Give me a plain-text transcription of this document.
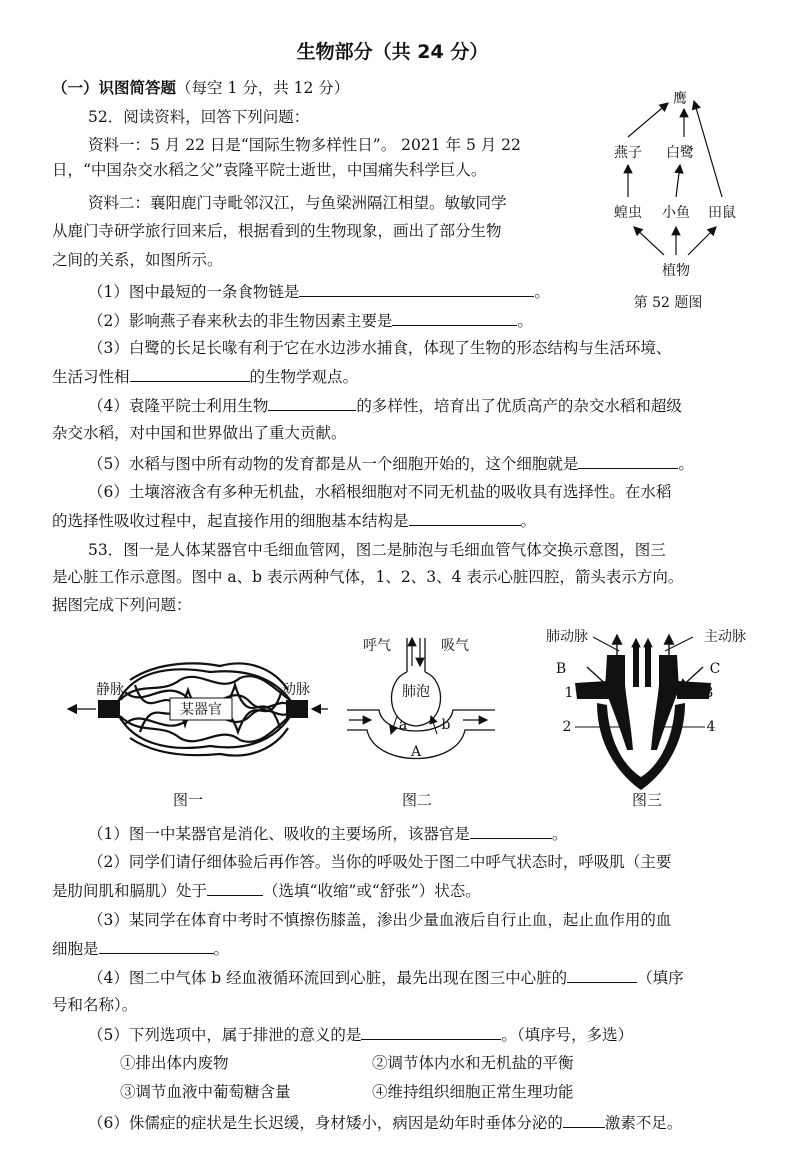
生物部分（共 24 分）
（一）识图简答题（每空 1 分，共 12 分）
52．阅读资料，回答下列问题：
资料一：5 月 22 日是“国际生物多样性日”。 2021 年 5 月 22
日，“中国杂交水稻之父”袁隆平院士逝世，中国痛失科学巨人。
资料二：襄阳鹿门寺毗邻汉江，与鱼梁洲隔江相望。敏敏同学
从鹿门寺研学旅行回来后，根据看到的生物现象，画出了部分生物
之间的关系，如图所示。
（1）图中最短的一条食物链是	。
（2）影响燕子春来秋去的非生物因素主要是	。
（3）白鹭的长足长喙有利于它在水边涉水捕食，体现了生物的形态结构与生活环境、
生活习性相	的生物学观点。
（4）袁隆平院士利用生物	的多样性，培育出了优质高产的杂交水稻和超级
杂交水稻，对中国和世界做出了重大贡献。
（5）水稻与图中所有动物的发育都是从一个细胞开始的，这个细胞就是	。
（6）土壤溶液含有多种无机盐，水稻根细胞对不同无机盐的吸收具有选择性。在水稻
的选择性吸收过程中，起直接作用的细胞基本结构是	。
鹰
燕子 白鹭
蝗虫 小鱼 田鼠
植物
第 52 题图
53．图一是人体某器官中毛细血管网，图二是肺泡与毛细血管气体交换示意图，图三
是心脏工作示意图。图中 a、b 表示两种气体，1、2、3、4 表示心脏四腔，箭头表示方向。
据图完成下列问题：
某器官
静脉	动脉
图一
呼气	吸气
肺泡
a b
A
图二
肺动脉	主动脉
B	C
1	3
2	4
图三
（1）图一中某器官是消化、吸收的主要场所，该器官是	。
（2）同学们请仔细体验后再作答。当你的呼吸处于图二中呼气状态时，呼吸肌（主要
是肋间肌和膈肌）处于	（选填“收缩”或“舒张”）状态。
（3）某同学在体育中考时不慎擦伤膝盖，渗出少量血液后自行止血，起止血作用的血
细胞是	。
（4）图二中气体 b 经血液循环流回到心脏，最先出现在图三中心脏的	（填序
号和名称）。
（5）下列选项中，属于排泄的意义的是	。（填序号，多选）
①排出体内废物	②调节体内水和无机盐的平衡
③调节血液中葡萄糖含量	④维持组织细胞正常生理功能
（6）侏儒症的症状是生长迟缓，身材矮小，病因是幼年时垂体分泌的	激素不足。
